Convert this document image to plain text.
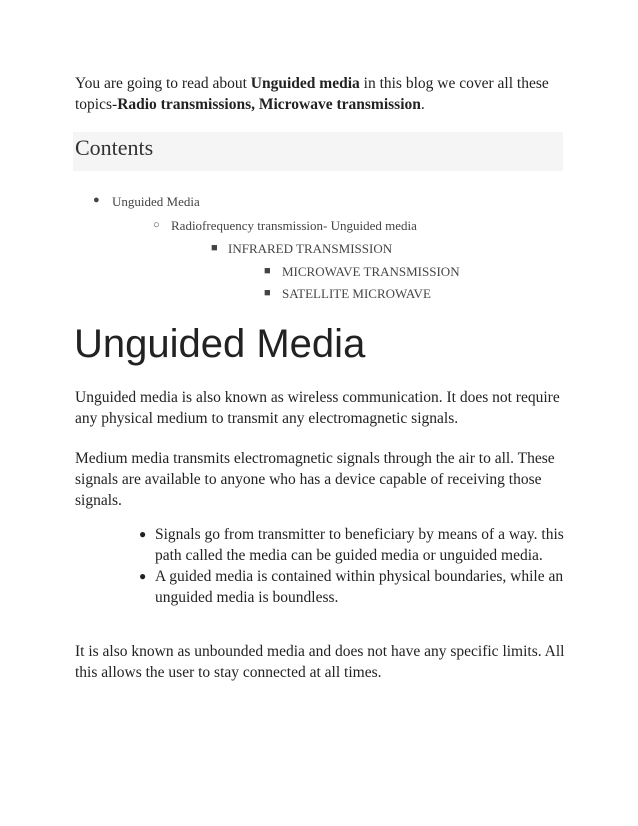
You are going to read about Unguided media in this blog we cover all these topics-Radio transmissions, Microwave transmission.
Contents
● Unguided Media
○ Radiofrequency transmission- Unguided media
■ INFRARED TRANSMISSION
■ MICROWAVE TRANSMISSION
■ SATELLITE MICROWAVE
Unguided Media
Unguided media is also known as wireless communication. It does not require any physical medium to transmit any electromagnetic signals.
Medium media transmits electromagnetic signals through the air to all. These signals are available to anyone who has a device capable of receiving those signals.
● Signals go from transmitter to beneficiary by means of a way. this path called the media can be guided media or unguided media.
● A guided media is contained within physical boundaries, while an unguided media is boundless.
It is also known as unbounded media and does not have any specific limits. All this allows the user to stay connected at all times.
